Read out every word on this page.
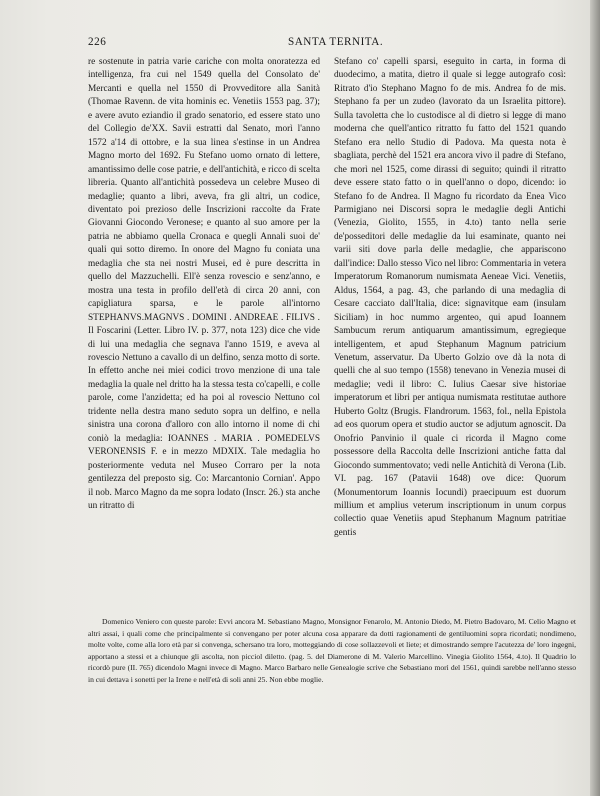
226	SANTA TERNITA.

re sostenute in patria varie cariche con molta onoratezza ed intelligenza, fra cui nel 1549 quella del Consolato de' Mercanti e quella nel 1550 di Provveditore alla Sanità (Thomae Ravenn. de vita hominis ec. Venetiis 1553 pag. 37); e avere avuto eziandio il grado senatorio, ed essere stato uno del Collegio de'XX. Savii estratti dal Senato, morì l'anno 1572 a'14 di ottobre, e la sua linea s'estinse in un Andrea Magno morto del 1692. Fu Stefano uomo ornato di lettere, amantissimo delle cose patrie, e dell'antichità, e ricco di scelta libreria. Quanto all'antichità possedeva un celebre Museo di medaglie; quanto a libri, aveva, fra gli altri, un codice, diventato poi prezioso delle Inscrizioni raccolte da Frate Giovanni Giocondo Veronese; e quanto al suo amore per la patria ne abbiamo quella Cronaca e quegli Annali suoi de' quali qui sotto diremo. In onore del Magno fu coniata una medaglia che sta nei nostri Musei, ed è pure descritta in quello del Mazzuchelli. Ell'è senza rovescio e senz'anno, e mostra una testa in profilo dell'età di circa 20 anni, con capigliatura sparsa, e le parole all'intorno STEPHANVS.MAGNVS . DOMINI . ANDREAE . FILIVS . Il Foscarini (Letter. Libro IV. p. 377, nota 123) dice che vide di lui una medaglia che segnava l'anno 1519, e aveva al rovescio Nettuno a cavallo di un delfino, senza motto di sorte. In effetto anche nei miei codici trovo menzione di una tale medaglia la quale nel dritto ha la stessa testa co'capelli, e colle parole, come l'anzidetta; ed ha poi al rovescio Nettuno col tridente nella destra mano seduto sopra un delfino, e nella sinistra una corona d'alloro con allo intorno il nome di chi coniò la medaglia: IOANNES . MARIA . POMEDELVS VERONENSIS F. e in mezzo MDXIX. Tale medaglia ho posteriormente veduta nel Museo Corraro per la nota gentilezza del preposto sig. Co: Marcantonio Cornian'. Appo il nob. Marco Magno da me sopra lodato (Inscr. 26.) sta anche un ritratto di

Stefano co' capelli sparsi, eseguito in carta, in forma di duodecimo, a matita, dietro il quale si legge autografo così: Ritrato d'io Stephano Magno fo de mis. Andrea fo de mis. Stephano fa per un zudeo (lavorato da un Israelita pittore). Sulla tavoletta che lo custodisce al di dietro si legge di mano moderna che quell'antico ritratto fu fatto del 1521 quando Stefano era nello Studio di Padova. Ma questa nota è sbagliata, perchè del 1521 era ancora vivo il padre di Stefano, che morì nel 1525, come dirassi di seguito; quindi il ritratto deve essere stato fatto o in quell'anno o dopo, dicendo: io Stefano fo de Andrea. Il Magno fu ricordato da Enea Vico Parmigiano nei Discorsi sopra le medaglie degli Antichi (Venezia, Giolito, 1555, in 4.to) tanto nella serie de'posseditori delle medaglie da lui esaminate, quanto nei varii siti dove parla delle medaglie, che appariscono dall'indice: Dallo stesso Vico nel libro: Commentaria in vetera Imperatorum Romanorum numismata Aeneae Vici. Venetiis, Aldus, 1564, a pag. 43, che parlando di una medaglia di Cesare cacciato dall'Italia, dice: signavitque eam (insulam Siciliam) in hoc nummo argenteo, qui apud Ioannem Sambucum rerum antiquarum amantissimum, egregieque intelligentem, et apud Stephanum Magnum patricium Venetum, asservatur. Da Uberto Golzio ove dà la nota di quelli che al suo tempo (1558) tenevano in Venezia musei di medaglie; vedi il libro: C. Iulius Caesar sive historiae imperatorum et libri per antiqua numismata restitutae authore Huberto Goltz (Brugis. Flandrorum. 1563, fol., nella Epistola ad eos quorum opera et studio auctor se adjutum agnoscit. Da Onofrio Panvinio il quale ci ricorda il Magno come possessore della Raccolta delle Inscrizioni antiche fatta dal Giocondo summentovato; vedi nelle Antichità di Verona (Lib. VI. pag. 167 (Patavii 1648) ove dice: Quorum (Monumentorum Ioannis Iocundi) praecipuum est duorum millium et amplius veterum inscriptionum in unum corpus collectio quae Venetiis apud Stephanum Magnum patritiae gentis

Domenico Veniero con queste parole: Evvi ancora M. Sebastiano Magno, Monsignor Fenarolo, M. Antonio Diedo, M. Pietro Badovaro, M. Celio Magno et altri assai, i quali come che principalmente si convengano per poter alcuna cosa apparare da dotti ragionamenti de gentiluomini sopra ricordati; nondimeno, molte volte, come alla loro età par si convenga, schersano tra loro, motteggiando di cose sollazzevoli et liete; et dimostrando sempre l'acutezza de' loro ingegni, apportano a stessi et a chiunque gli ascolta, non picciol diletto. (pag. 5. del Diamerone di M. Valerio Marcellino. Vinegia Giolito 1564, 4.to). Il Quadrio lo ricordò pure (II. 765) dicendolo Magni invece di Magno. Marco Barbaro nelle Genealogie scrive che Sebastiano morì del 1561, quindi sarebbe nell'anno stesso in cui dettava i sonetti per la Irene e nell'età di soli anni 25. Non ebbe moglie.
